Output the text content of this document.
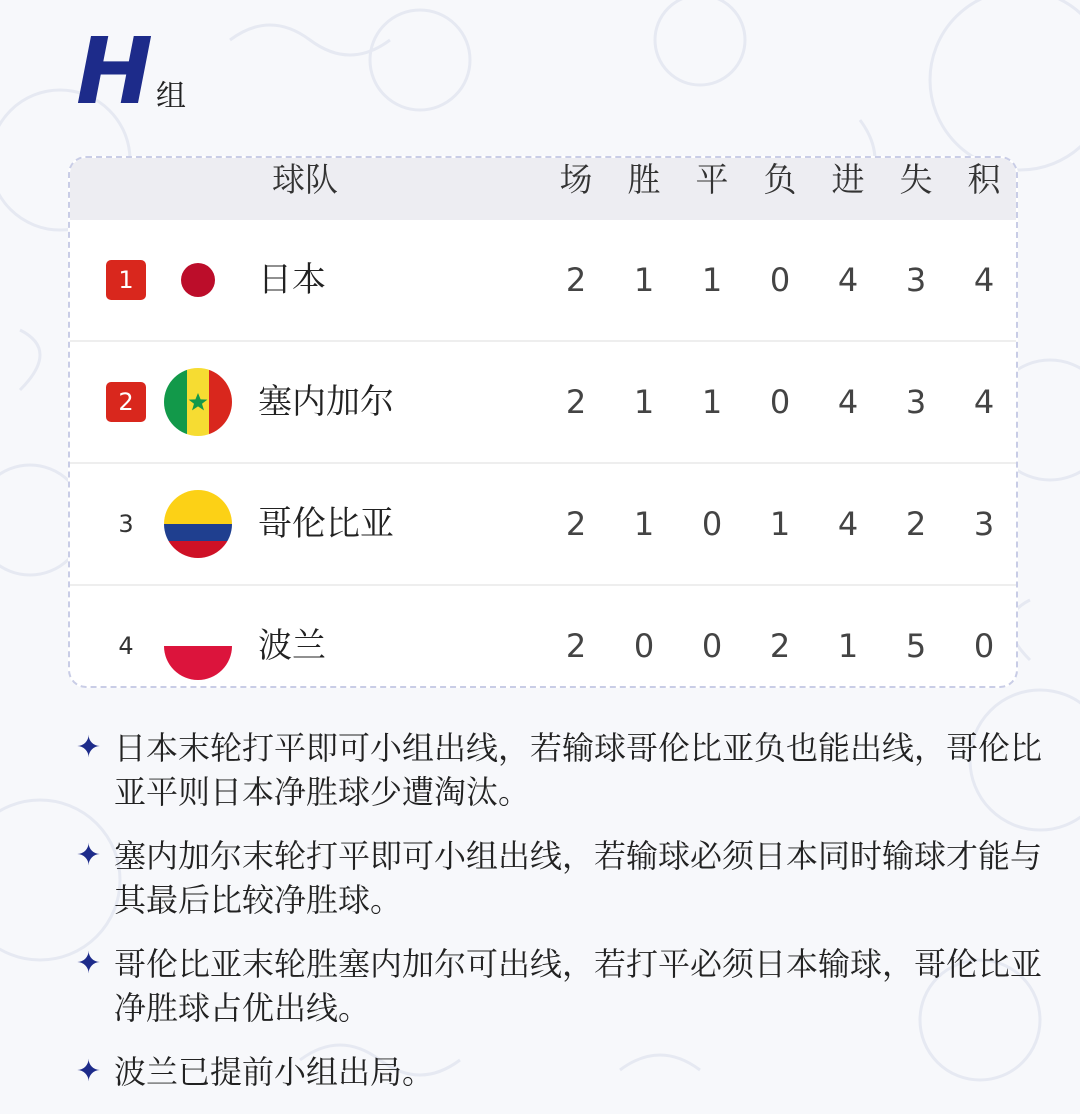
H 组
球队	场 胜 平 负 进 失 积
1	日本	2	1	1	0	4	3	4
2	塞内加尔	2	1	1	0	4	3	4
3	哥伦比亚	2	1	0	1	4	2	3
4	波兰	2	0	0	2	1	5	0
✦ 日本末轮打平即可小组出线，若输球哥伦比亚负也能出线，哥伦比亚平则日本净胜球少遭淘汰。
✦ 塞内加尔末轮打平即可小组出线，若输球必须日本同时输球才能与其最后比较净胜球。
✦ 哥伦比亚末轮胜塞内加尔可出线，若打平必须日本输球，哥伦比亚净胜球占优出线。
✦ 波兰已提前小组出局。
